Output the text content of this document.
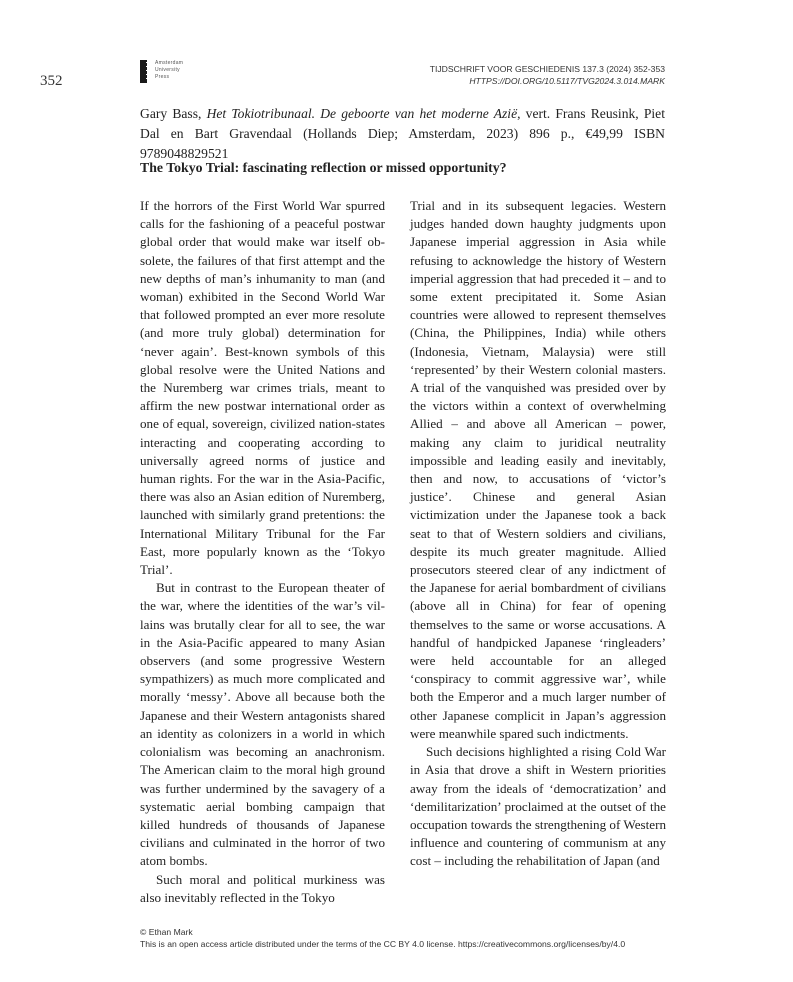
352
Amsterdam
University
Press
TIJDSCHRIFT VOOR GESCHIEDENIS 137.3 (2024) 352-353
HTTPS://DOI.ORG/10.5117/TVG2024.3.014.MARK
Gary Bass, Het Tokiotribunaal. De geboorte van het moderne Azië, vert. Frans Reusink, Piet Dal en Bart Gravendaal (Hollands Diep; Amsterdam, 2023) 896 p., €49,99 ISBN 9789048829521
The Tokyo Trial: fascinating reflection or missed opportunity?

If the horrors of the First World War spurred calls for the fashioning of a peaceful postwar global order that would make war itself obsolete, the failures of that first attempt and the new depths of man’s inhumanity to man (and woman) exhibited in the Second World War that followed prompted an ever more resolute (and more truly global) determination for ‘never again’. Best-known symbols of this global resolve were the United Nations and the Nuremberg war crimes trials, meant to affirm the new postwar international order as one of equal, sovereign, civilized nation-states interacting and cooperating according to universally agreed norms of justice and human rights. For the war in the Asia-Pacific, there was also an Asian edition of Nuremberg, launched with similarly grand pretentions: the International Military Tribunal for the Far East, more popularly known as the ‘Tokyo Trial’.

But in contrast to the European theater of the war, where the identities of the war’s villains was brutally clear for all to see, the war in the Asia-Pacific appeared to many Asian observers (and some progressive Western sympathizers) as much more complicated and morally ‘messy’. Above all because both the Japanese and their Western antagonists shared an identity as colonizers in a world in which colonialism was becoming an anachronism. The American claim to the moral high ground was further undermined by the savagery of a systematic aerial bombing campaign that killed hundreds of thousands of Japanese civilians and culminated in the horror of two atom bombs.

Such moral and political murkiness was also inevitably reflected in the Tokyo

Trial and in its subsequent legacies. Western judges handed down haughty judgments upon Japanese imperial aggression in Asia while refusing to acknowledge the history of Western imperial aggression that had preceded it – and to some extent precipitated it. Some Asian countries were allowed to represent themselves (China, the Philippines, India) while others (Indonesia, Vietnam, Malaysia) were still ‘represented’ by their Western colonial masters. A trial of the vanquished was presided over by the victors within a context of overwhelming Allied – and above all American – power, making any claim to juridical neutrality impossible and leading easily and inevitably, then and now, to accusations of ‘victor’s justice’. Chinese and general Asian victimization under the Japanese took a back seat to that of Western soldiers and civilians, despite its much greater magnitude. Allied prosecutors steered clear of any indictment of the Japanese for aerial bombardment of civilians (above all in China) for fear of opening themselves to the same or worse accusations. A handful of handpicked Japanese ‘ringleaders’ were held accountable for an alleged ‘conspiracy to commit aggressive war’, while both the Emperor and a much larger number of other Japanese complicit in Japan’s aggression were meanwhile spared such indictments.

Such decisions highlighted a rising Cold War in Asia that drove a shift in Western priorities away from the ideals of ‘democratization’ and ‘demilitarization’ proclaimed at the outset of the occupation towards the strengthening of Western influence and countering of communism at any cost – including the rehabilitation of Japan (and

© Ethan Mark
This is an open access article distributed under the terms of the CC BY 4.0 license. https://creativecommons.org/licenses/by/4.0
